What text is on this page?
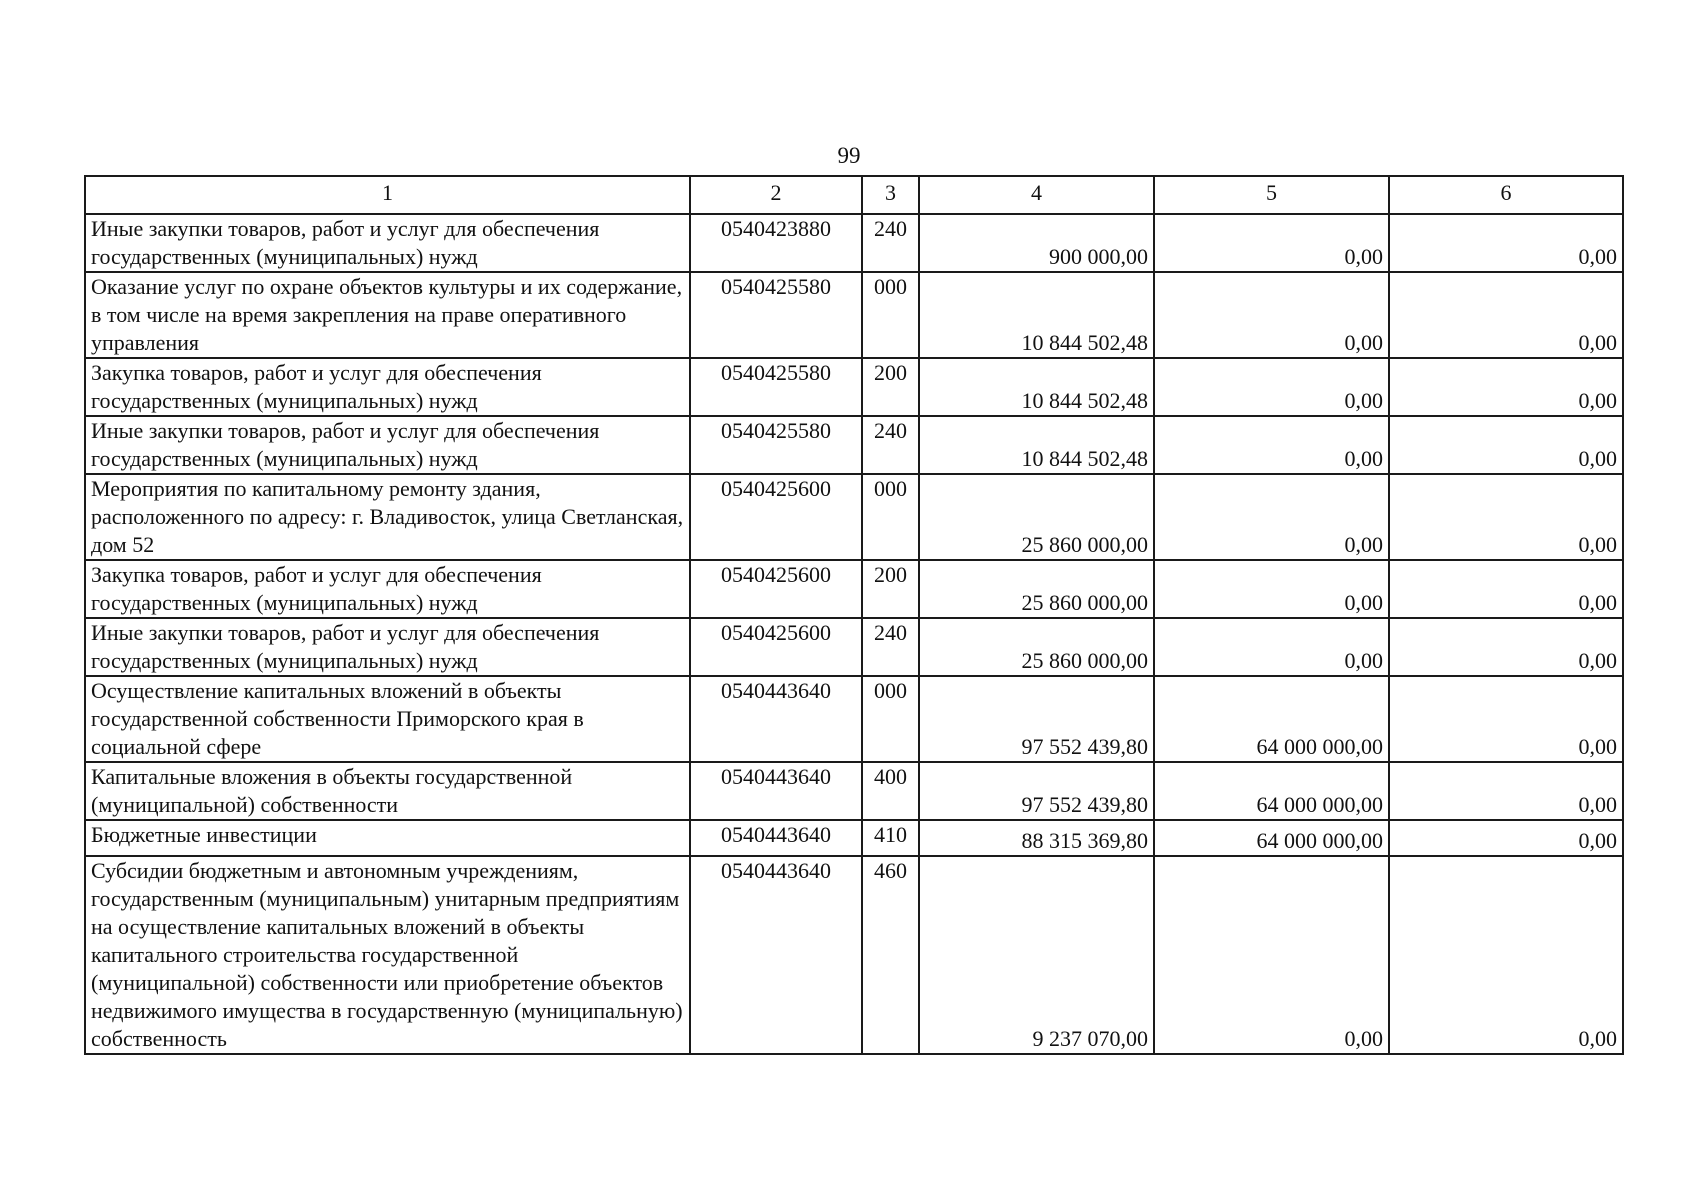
99
1	2	3	4	5	6
Иные закупки товаров, работ и услуг для обеспечения государственных (муниципальных) нужд	0540423880	240	900 000,00	0,00	0,00
Оказание услуг по охране объектов культуры и их содержание, в том числе на время закрепления на праве оперативного управления	0540425580	000	10 844 502,48	0,00	0,00
Закупка товаров, работ и услуг для обеспечения государственных (муниципальных) нужд	0540425580	200	10 844 502,48	0,00	0,00
Иные закупки товаров, работ и услуг для обеспечения государственных (муниципальных) нужд	0540425580	240	10 844 502,48	0,00	0,00
Мероприятия по капитальному ремонту здания, расположенного по адресу: г. Владивосток, улица Светланская, дом 52	0540425600	000	25 860 000,00	0,00	0,00
Закупка товаров, работ и услуг для обеспечения государственных (муниципальных) нужд	0540425600	200	25 860 000,00	0,00	0,00
Иные закупки товаров, работ и услуг для обеспечения государственных (муниципальных) нужд	0540425600	240	25 860 000,00	0,00	0,00
Осуществление капитальных вложений в объекты государственной собственности Приморского края в социальной сфере	0540443640	000	97 552 439,80	64 000 000,00	0,00
Капитальные вложения в объекты государственной (муниципальной) собственности	0540443640	400	97 552 439,80	64 000 000,00	0,00
Бюджетные инвестиции	0540443640	410	88 315 369,80	64 000 000,00	0,00
Субсидии бюджетным и автономным учреждениям, государственным (муниципальным) унитарным предприятиям на осуществление капитальных вложений в объекты капитального строительства государственной (муниципальной) собственности или приобретение объектов недвижимого имущества в государственную (муниципальную) собственность	0540443640	460	9 237 070,00	0,00	0,00
